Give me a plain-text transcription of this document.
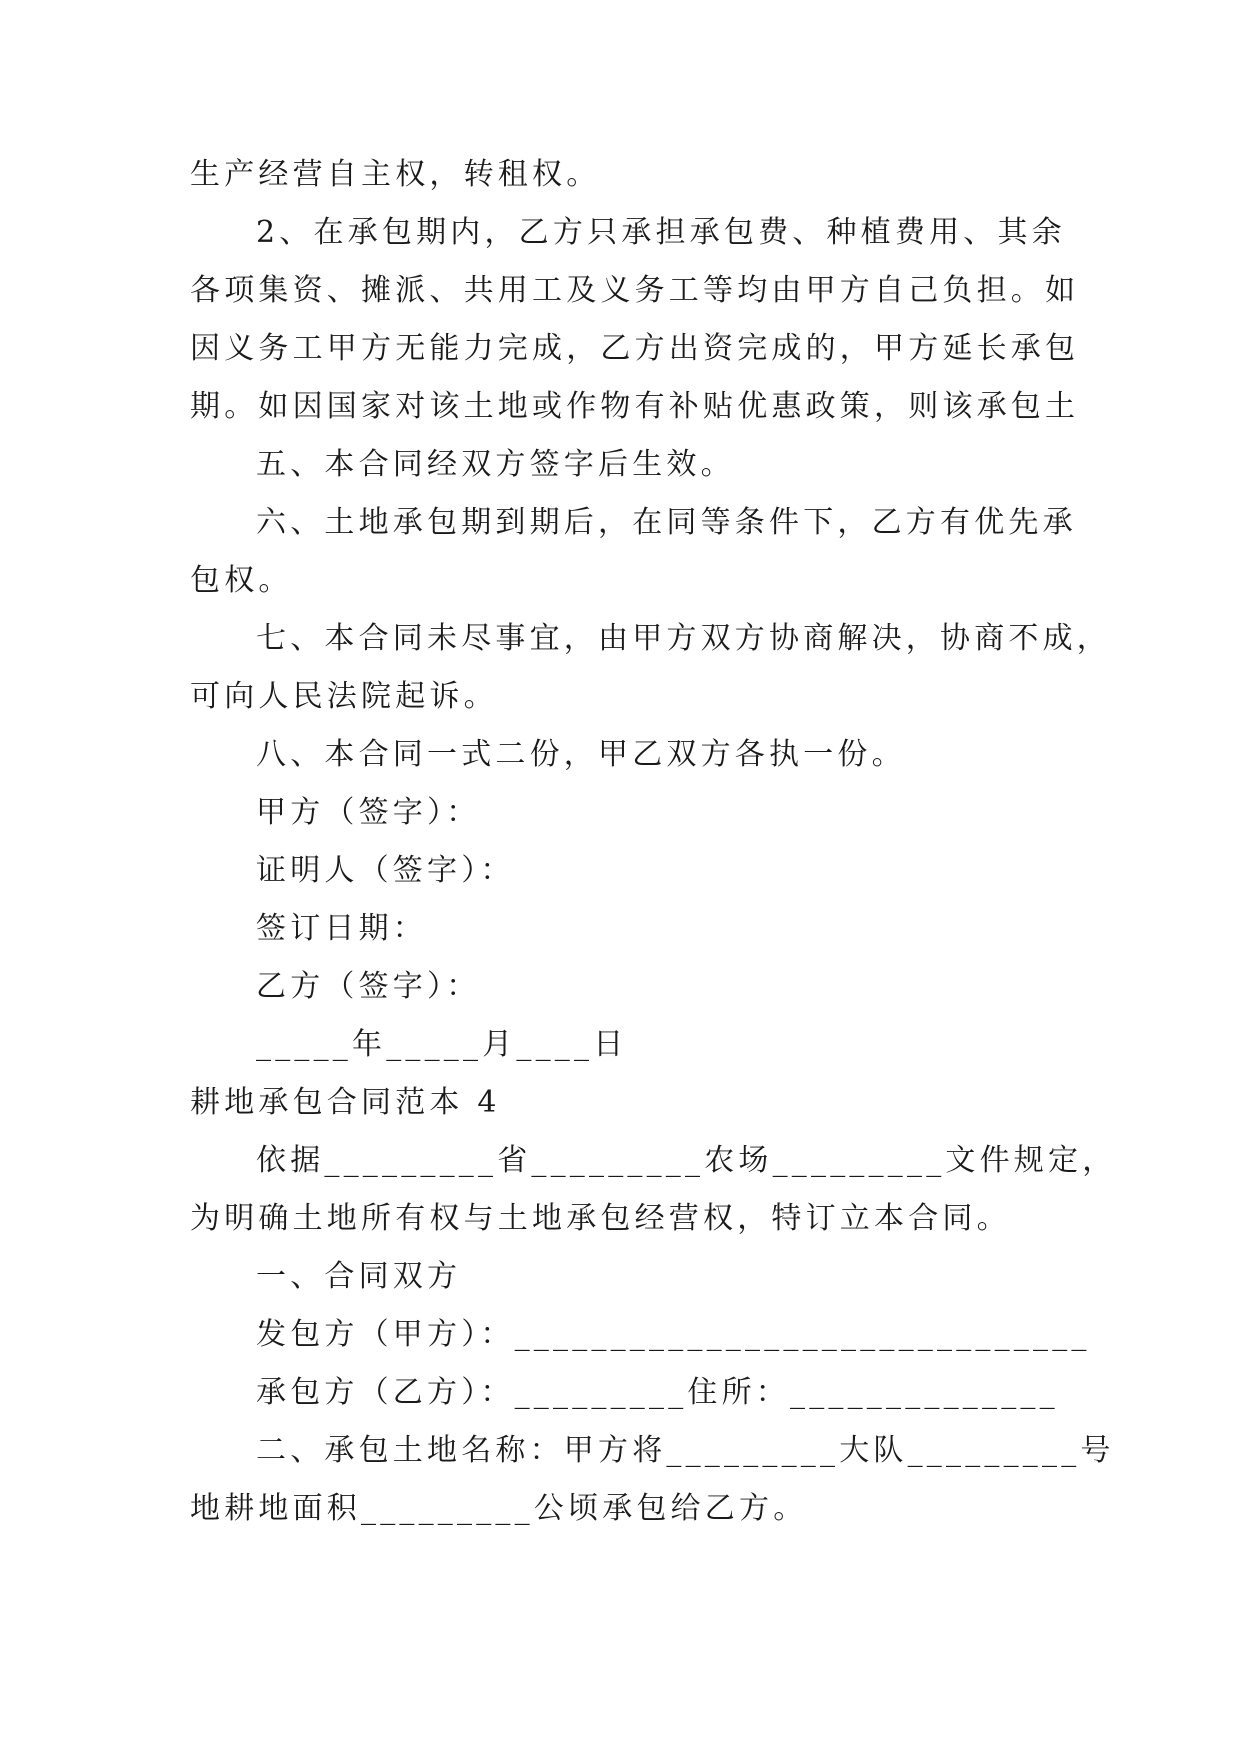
生产经营自主权，转租权。
2、在承包期内，乙方只承担承包费、种植费用、其余
各项集资、摊派、共用工及义务工等均由甲方自己负担。如
因义务工甲方无能力完成，乙方出资完成的，甲方延长承包
期。如因国家对该土地或作物有补贴优惠政策，则该承包土
五、本合同经双方签字后生效。
六、土地承包期到期后，在同等条件下，乙方有优先承
包权。
七、本合同未尽事宜，由甲方双方协商解决，协商不成，
可向人民法院起诉。
八、本合同一式二份，甲乙双方各执一份。
甲方（签字）：
证明人（签字）：
签订日期：
乙方（签字）：
_____年_____月____日
耕地承包合同范本 4
依据_________省_________农场_________文件规定，
为明确土地所有权与土地承包经营权，特订立本合同。
一、合同双方
发包方（甲方）：______________________________
承包方（乙方）：_________住所：______________
二、承包土地名称：甲方将_________大队_________号
地耕地面积_________公顷承包给乙方。
